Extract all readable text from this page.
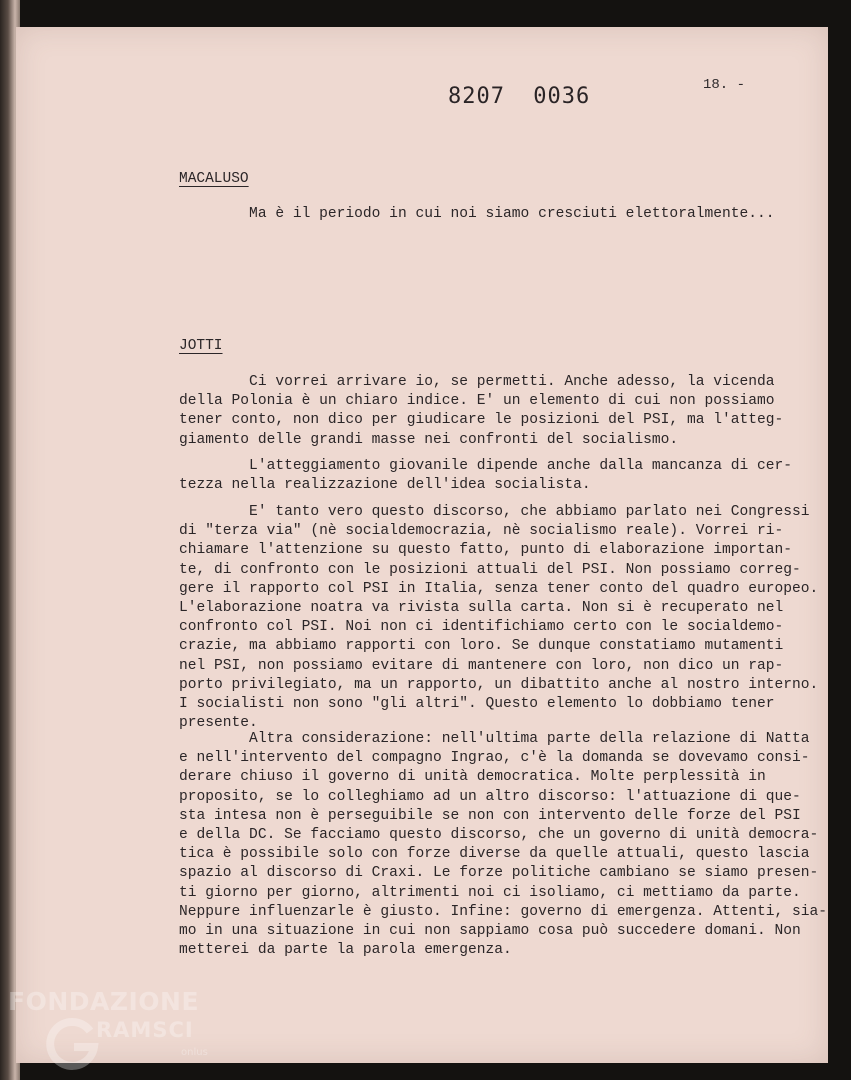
8207 0036	18. -
MACALUSO

Ma è il periodo in cui noi siamo cresciuti elettoralmente...

JOTTI

Ci vorrei arrivare io, se permetti. Anche adesso, la vicenda
della Polonia è un chiaro indice. E' un elemento di cui non possiamo
tener conto, non dico per giudicare le posizioni del PSI, ma l'atteg-
giamento delle grandi masse nei confronti del socialismo.

L'atteggiamento giovanile dipende anche dalla mancanza di
tezza nella realizzazione dell'idea socialista.

E' tanto vero questo discorso, che abbiamo parlato nei
di "terza via" (nè socialdemocrazia, nè socialismo reale). Vorrei
chiamare l'attenzione su questo fatto, punto di elaborazione importan-
te, di confronto con le posizioni attuali del PSI. Non possiamo
gere il rapporto col PSI in Italia, senza tener conto del quadro
L'elaborazione noatra va rivista sulla carta. Non si è recuperato
confronto col PSI. Noi non ci identifichiamo certo con le socialdemo-
crazie, ma abbiamo rapporti con loro. Se dunque constatiamo mutamenti
nel PSI, non possiamo evitare di mantenere con loro, non dico un rap-
porto privilegiato, ma un rapporto, un dibattito anche al nostro
I socialisti non sono "gli altri". Questo elemento lo dobbiamo tener
presente.

Altra considerazione: nell'ultima parte della relazione di
e nell'intervento del compagno Ingrao, c'è la domanda se dovevamo
derare chiuso il governo di unità democratica. Molte perplessità in
proposito, se lo colleghiamo ad un altro discorso: l'attuazione di
sta intesa non è perseguibile se non con intervento delle forze del
e della DC. Se facciamo questo discorso, che un governo di unità
tica è possibile solo con forze diverse da quelle attuali, questo
spazio al discorso di Craxi. Le forze politiche cambiano se siamo
ti giorno per giorno, altrimenti noi ci isoliamo, ci mettiamo da
Neppure influenzarle è giusto. Infine: governo di emergenza. Attenti,
mo in una situazione in cui non sappiamo cosa può succedere domani.
metterei da parte la parola emergenza.

FONDAZIONE
RAMSCI
onlus
